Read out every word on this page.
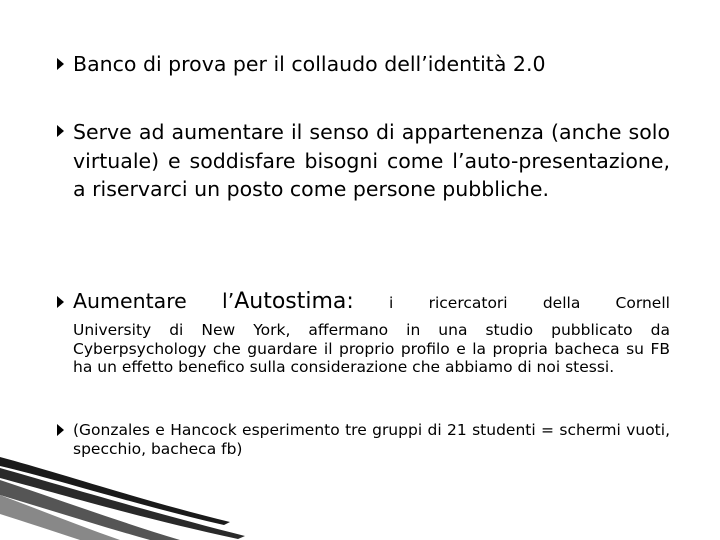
Banco di prova per il collaudo dell’identità 2.0

Serve ad aumentare il senso di appartenenza (anche solo virtuale) e soddisfare bisogni come l’auto-presentazione, a riservarci un posto come persone pubbliche.

Aumentare l’Autostima: i ricercatori della Cornell

University di New York, affermano in una studio pubblicato da Cyberpsychology che guardare il proprio profilo e la propria bacheca su FB ha un effetto benefico sulla considerazione che abbiamo di noi stessi.

(Gonzales e Hancock esperimento tre gruppi di 21 studenti = schermi vuoti, specchio, bacheca fb)
